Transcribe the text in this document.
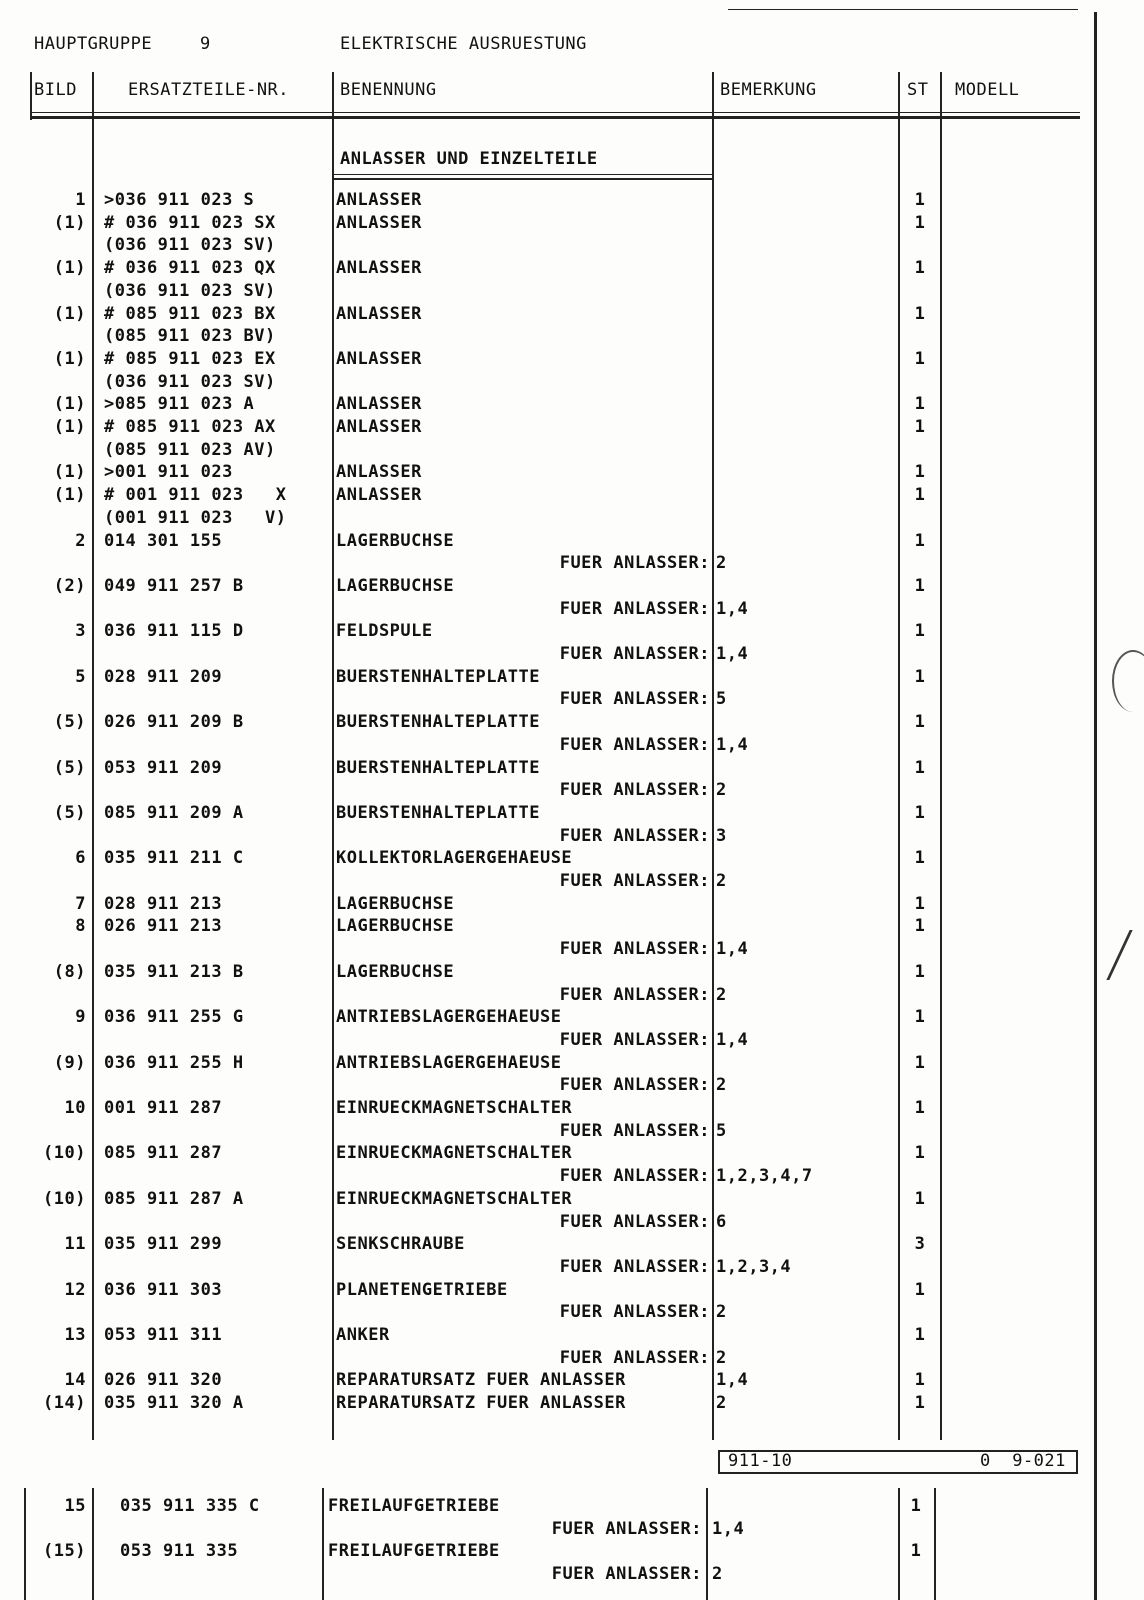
HAUPTGRUPPE	9	ELEKTRISCHE AUSRUESTUNG
BILD	ERSATZTEILE-NR.	BENENNUNG	BEMERKUNG	ST MODELL
ANLASSER UND EINZELTEILE
1 >036 911 023 S	ANLASSER	1
(1) # 036 911 023 SX	ANLASSER	1
(036 911 023 SV)
(1) # 036 911 023 QX	ANLASSER	1
(036 911 023 SV)
(1) # 085 911 023 BX	ANLASSER	1
(085 911 023 BV)
(1) # 085 911 023 EX	ANLASSER	1
(036 911 023 SV)
(1) >085 911 023 A	ANLASSER	1
(1) # 085 911 023 AX	ANLASSER	1
(085 911 023 AV)
(1) >001 911 023	ANLASSER	1
(1) # 001 911 023   X	ANLASSER	1
(001 911 023   V)
2 014 301 155	LAGERBUCHSE	1
FUER ANLASSER: 2
(2) 049 911 257 B	LAGERBUCHSE	1
FUER ANLASSER: 1,4
3 036 911 115 D	FELDSPULE	1
FUER ANLASSER: 1,4
5 028 911 209	BUERSTENHALTEPLATTE	1
FUER ANLASSER: 5
(5) 026 911 209 B	BUERSTENHALTEPLATTE	1
FUER ANLASSER: 1,4
(5) 053 911 209	BUERSTENHALTEPLATTE	1
FUER ANLASSER: 2
(5) 085 911 209 A	BUERSTENHALTEPLATTE	1
FUER ANLASSER: 3
6 035 911 211 C	KOLLEKTORLAGERGEHAEUSE	1
FUER ANLASSER: 2
7 028 911 213	LAGERBUCHSE	1
8 026 911 213	LAGERBUCHSE	1
FUER ANLASSER: 1,4
(8) 035 911 213 B	LAGERBUCHSE	1
FUER ANLASSER: 2
9 036 911 255 G	ANTRIEBSLAGERGEHAEUSE	1
FUER ANLASSER: 1,4
(9) 036 911 255 H	ANTRIEBSLAGERGEHAEUSE	1
FUER ANLASSER: 2
10 001 911 287	EINRUECKMAGNETSCHALTER	1
FUER ANLASSER: 5
(10) 085 911 287	EINRUECKMAGNETSCHALTER	1
FUER ANLASSER: 1,2,3,4,7
(10) 085 911 287 A	EINRUECKMAGNETSCHALTER	1
FUER ANLASSER: 6
11 035 911 299	SENKSCHRAUBE	3
FUER ANLASSER: 1,2,3,4
12 036 911 303	PLANETENGETRIEBE	1
FUER ANLASSER: 2
13 053 911 311	ANKER	1
FUER ANLASSER: 2
14 026 911 320	REPARATURSATZ FUER ANLASSER	1,4	1
(14) 035 911 320 A	REPARATURSATZ FUER ANLASSER	2	1
911-10	0  9-021
15 035 911 335 C	FREILAUFGETRIEBE	1
FUER ANLASSER: 1,4
(15) 053 911 335	FREILAUFGETRIEBE	1
FUER ANLASSER: 2
